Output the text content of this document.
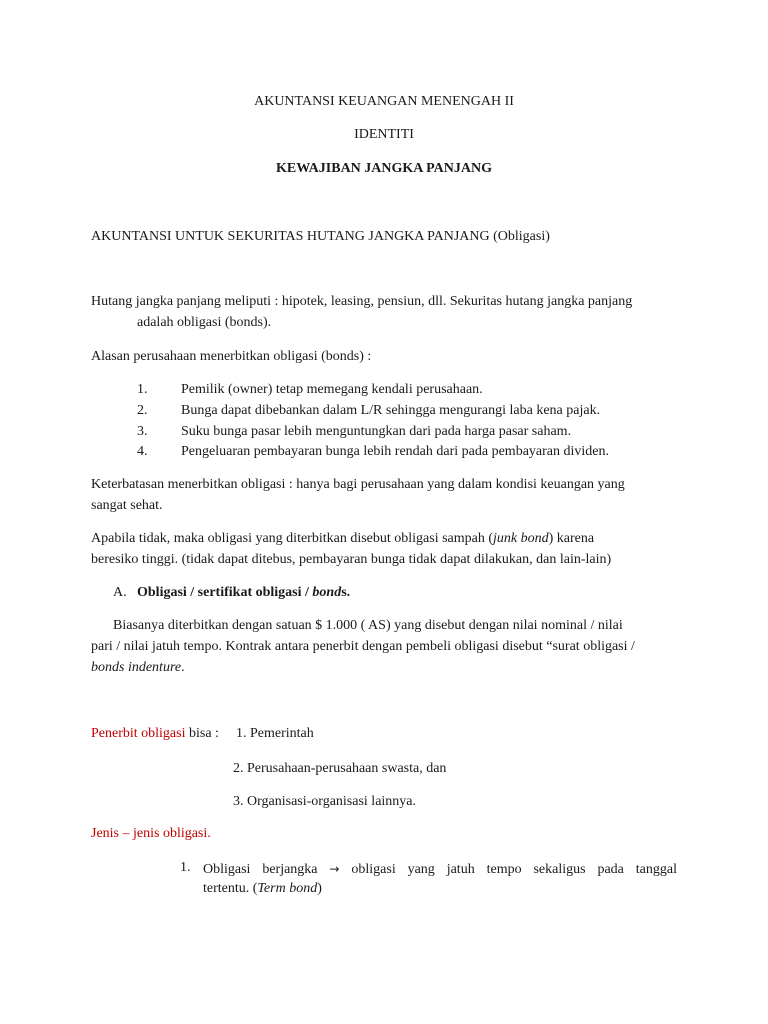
AKUNTANSI KEUANGAN MENENGAH II
IDENTITI
KEWAJIBAN JANGKA PANJANG
AKUNTANSI UNTUK SEKURITAS HUTANG JANGKA PANJANG (Obligasi)
Hutang jangka panjang meliputi : hipotek, leasing, pensiun, dll. Sekuritas hutang jangka panjang
adalah obligasi (bonds).
Alasan perusahaan menerbitkan obligasi (bonds) :
1. Pemilik (owner) tetap memegang kendali perusahaan.
2. Bunga dapat dibebankan dalam L/R sehingga mengurangi laba kena pajak.
3. Suku bunga pasar lebih menguntungkan dari pada harga pasar saham.
4. Pengeluaran pembayaran bunga lebih rendah dari pada pembayaran dividen.
Keterbatasan menerbitkan obligasi : hanya bagi perusahaan yang dalam kondisi keuangan yang
sangat sehat.
Apabila tidak, maka obligasi yang diterbitkan disebut obligasi sampah (junk bond) karena
beresiko tinggi. (tidak dapat ditebus, pembayaran bunga tidak dapat dilakukan, dan lain-lain)
A. Obligasi / sertifikat obligasi / bonds.
Biasanya diterbitkan dengan satuan $ 1.000 ( AS) yang disebut dengan nilai nominal / nilai
pari / nilai jatuh tempo. Kontrak antara penerbit dengan pembeli obligasi disebut “surat obligasi /
bonds indenture.
Penerbit obligasi bisa : 1. Pemerintah
2. Perusahaan-perusahaan swasta, dan
3. Organisasi-organisasi lainnya.
Jenis – jenis obligasi.
1. Obligasi berjangka → obligasi yang jatuh tempo sekaligus pada tanggal
tertentu. (Term bond)
